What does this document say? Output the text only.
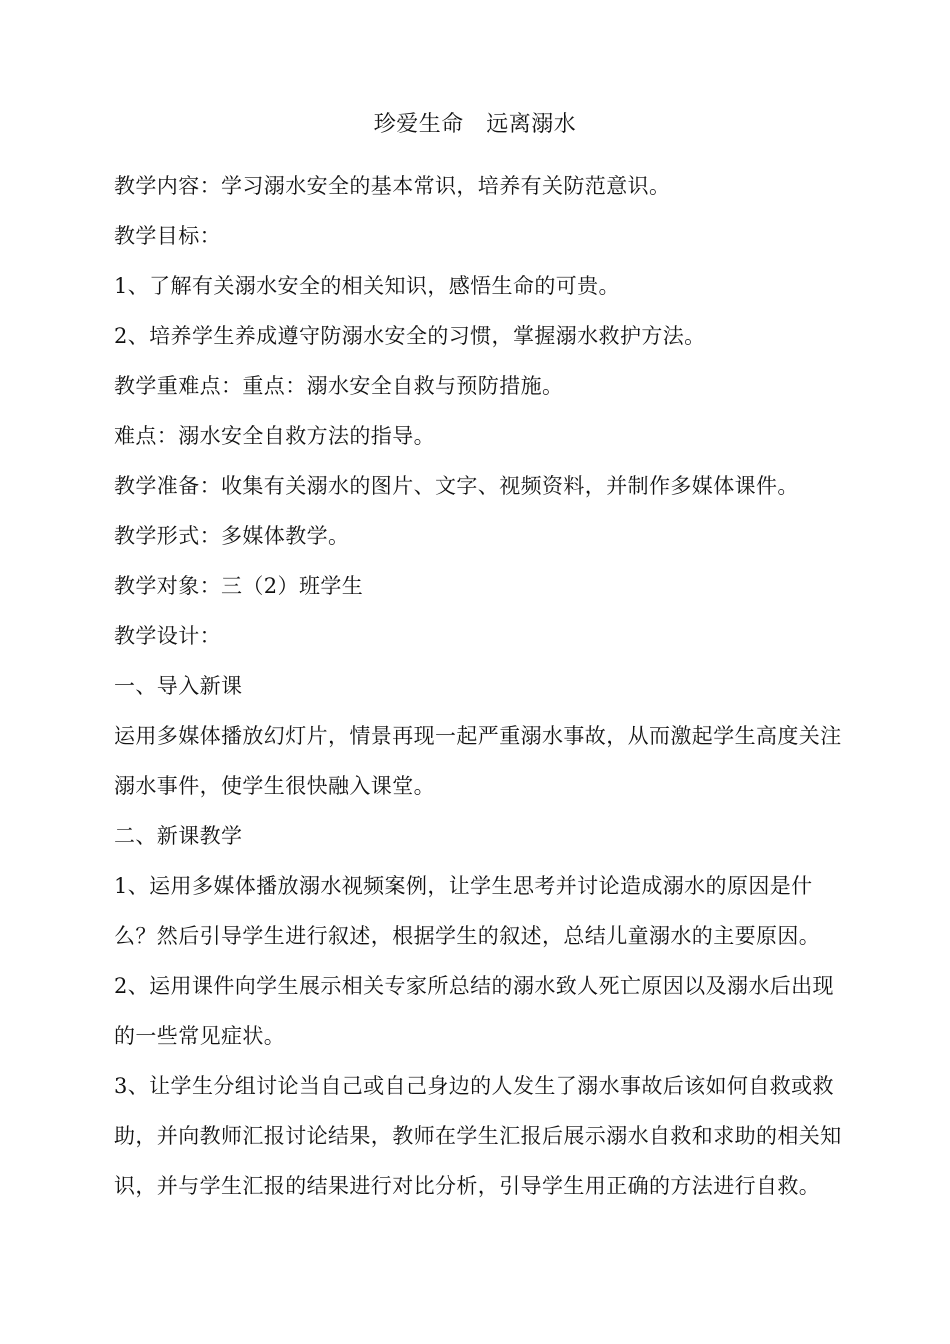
珍爱生命　远离溺水

教学内容：学习溺水安全的基本常识，培养有关防范意识。

教学目标：

1、了解有关溺水安全的相关知识，感悟生命的可贵。

2、培养学生养成遵守防溺水安全的习惯，掌握溺水救护方法。

教学重难点：重点：溺水安全自救与预防措施。

难点：溺水安全自救方法的指导。

教学准备：收集有关溺水的图片、文字、视频资料，并制作多媒体课件。

教学形式：多媒体教学。

教学对象：三（2）班学生

教学设计：

一、导入新课

运用多媒体播放幻灯片，情景再现一起严重溺水事故，从而激起学生高度关注溺水事件，使学生很快融入课堂。

二、新课教学

1、运用多媒体播放溺水视频案例，让学生思考并讨论造成溺水的原因是什么？然后引导学生进行叙述，根据学生的叙述，总结儿童溺水的主要原因。

2、运用课件向学生展示相关专家所总结的溺水致人死亡原因以及溺水后出现的一些常见症状。

3、让学生分组讨论当自己或自己身边的人发生了溺水事故后该如何自救或救助，并向教师汇报讨论结果，教师在学生汇报后展示溺水自救和求助的相关知识，并与学生汇报的结果进行对比分析，引导学生用正确的方法进行自救。
